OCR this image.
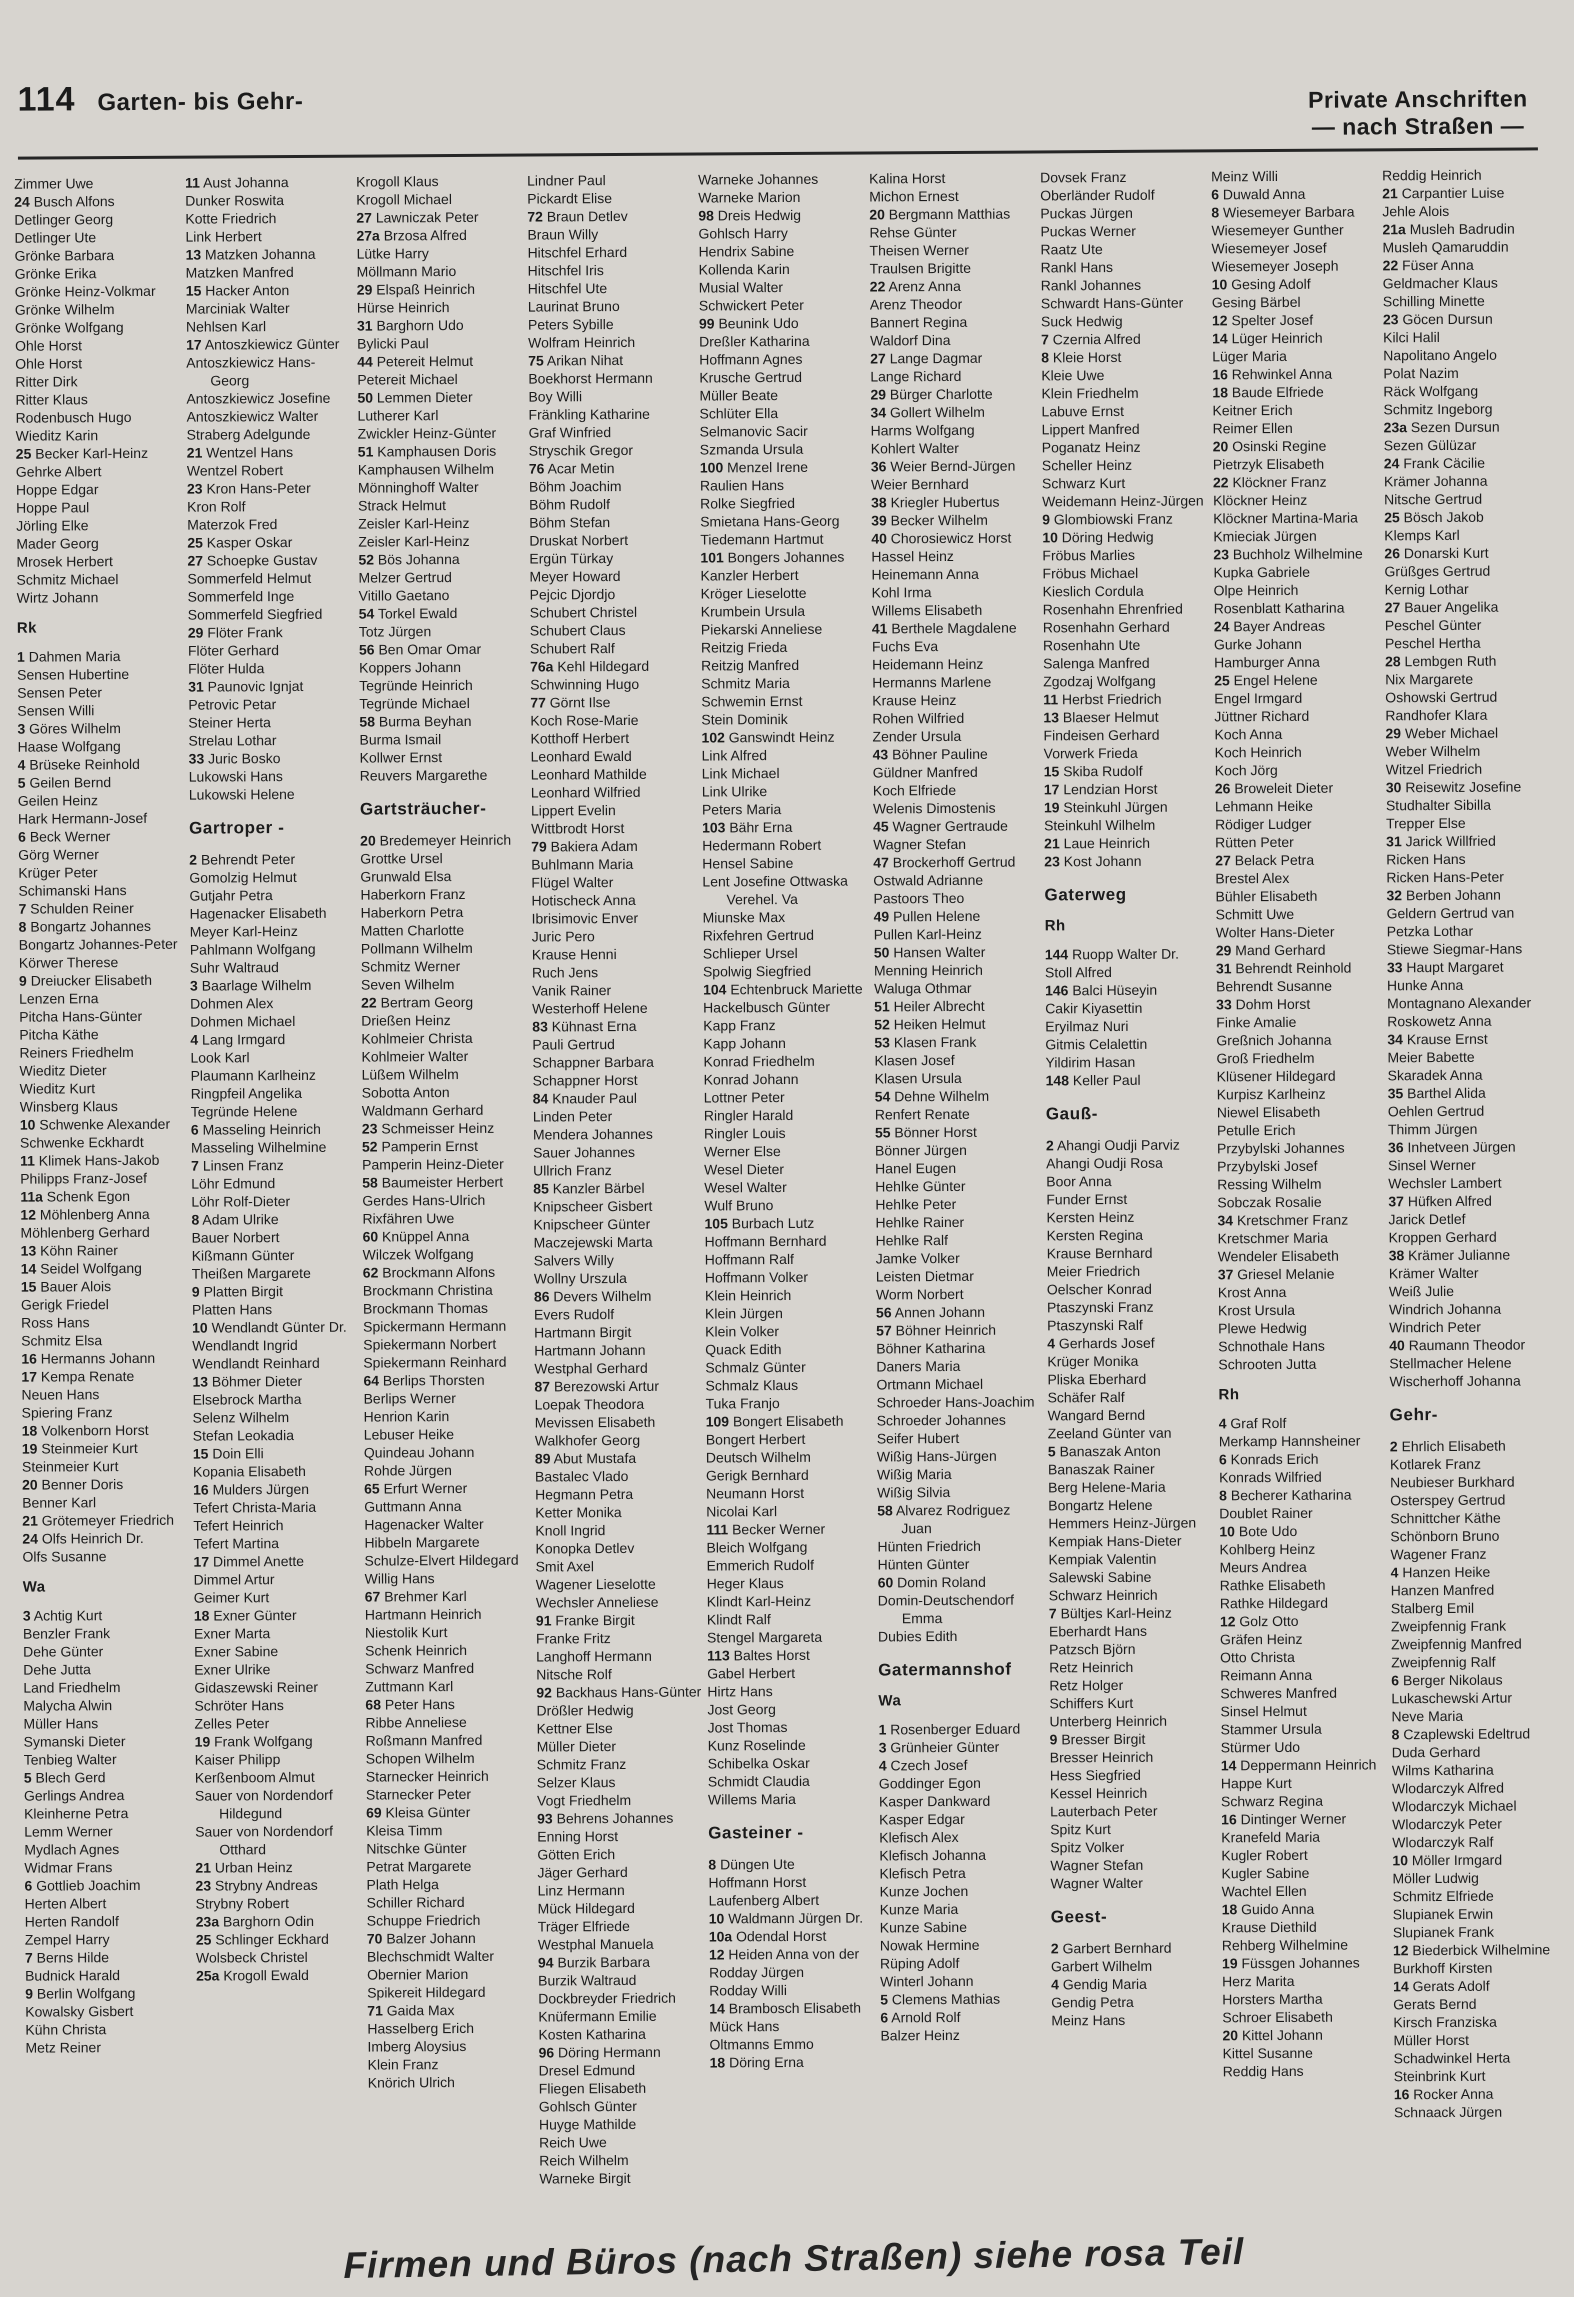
114 Garten- bis Gehr-	Private Anschriften
— nach Straßen —
Zimmer Uwe
24 Busch Alfons
Detlinger Georg
Detlinger Ute
Grönke Barbara
Grönke Erika
Grönke Heinz-Volkmar
Grönke Wilhelm
Grönke Wolfgang
Ohle Horst
Ohle Horst
Ritter Dirk
Ritter Klaus
Rodenbusch Hugo
Wieditz Karin
25 Becker Karl-Heinz
Gehrke Albert
Hoppe Edgar
Hoppe Paul
Jörling Elke
Mader Georg
Mrosek Herbert
Schmitz Michael
Wirtz Johann
Rk
1 Dahmen Maria
Sensen Hubertine
Sensen Peter
Sensen Willi
3 Göres Wilhelm
Haase Wolfgang
4 Brüseke Reinhold
5 Geilen Bernd
Geilen Heinz
Hark Hermann-Josef
6 Beck Werner
Görg Werner
Krüger Peter
Schimanski Hans
7 Schulden Reiner
8 Bongartz Johannes
Bongartz Johannes-Peter
Körwer Therese
9 Dreiucker Elisabeth
Lenzen Erna
Pitcha Hans-Günter
Pitcha Käthe
Reiners Friedhelm
Wieditz Dieter
Wieditz Kurt
Winsberg Klaus
10 Schwenke Alexander
Schwenke Eckhardt
11 Klimek Hans-Jakob
Philipps Franz-Josef
11a Schenk Egon
12 Möhlenberg Anna
Möhlenberg Gerhard
13 Köhn Rainer
14 Seidel Wolfgang
15 Bauer Alois
Gerigk Friedel
Ross Hans
Schmitz Elsa
16 Hermanns Johann
17 Kempa Renate
Neuen Hans
Spiering Franz
18 Volkenborn Horst
19 Steinmeier Kurt
Steinmeier Kurt
20 Benner Doris
Benner Karl
21 Grötemeyer Friedrich
24 Olfs Heinrich Dr.
Olfs Susanne
Wa
3 Achtig Kurt
Benzler Frank
Dehe Günter
Dehe Jutta
Land Friedhelm
Malycha Alwin
Müller Hans
Symanski Dieter
Tenbieg Walter
5 Blech Gerd
Gerlings Andrea
Kleinherne Petra
Lemm Werner
Mydlach Agnes
Widmar Frans
6 Gottlieb Joachim
Herten Albert
Herten Randolf
Zempel Harry
7 Berns Hilde
Budnick Harald
9 Berlin Wolfgang
Kowalsky Gisbert
Kühn Christa
Metz Reiner
11 Aust Johanna
Dunker Roswita
Kotte Friedrich
Link Herbert
13 Matzken Johanna
Matzken Manfred
15 Hacker Anton
Marciniak Walter
Nehlsen Karl
17 Antoszkiewicz Günter
Antoszkiewicz Hans-Georg
Antoszkiewicz Josefine
Antoszkiewicz Walter
Straberg Adelgunde
21 Wentzel Hans
Wentzel Robert
23 Kron Hans-Peter
Kron Rolf
Materzok Fred
25 Kasper Oskar
27 Schoepke Gustav
Sommerfeld Helmut
Sommerfeld Inge
Sommerfeld Siegfried
29 Flöter Frank
Flöter Gerhard
Flöter Hulda
31 Paunovic Ignjat
Petrovic Petar
Steiner Herta
Strelau Lothar
33 Juric Bosko
Lukowski Hans
Lukowski Helene
Gartroper -
2 Behrendt Peter
Gomolzig Helmut
Gutjahr Petra
Hagenacker Elisabeth
Meyer Karl-Heinz
Pahlmann Wolfgang
Suhr Waltraud
3 Baarlage Wilhelm
Dohmen Alex
Dohmen Michael
4 Lang Irmgard
Look Karl
Plaumann Karlheinz
Ringpfeil Angelika
Tegründe Helene
6 Masseling Heinrich
Masseling Wilhelmine
7 Linsen Franz
Löhr Edmund
Löhr Rolf-Dieter
8 Adam Ulrike
Bauer Norbert
Kißmann Günter
Theißen Margarete
9 Platten Birgit
Platten Hans
10 Wendlandt Günter Dr.
Wendlandt Ingrid
Wendlandt Reinhard
13 Böhmer Dieter
Elsebrock Martha
Selenz Wilhelm
Stefan Leokadia
15 Doin Elli
Kopania Elisabeth
16 Mulders Jürgen
Tefert Christa-Maria
Tefert Heinrich
Tefert Martina
17 Dimmel Anette
Dimmel Artur
Geimer Kurt
18 Exner Günter
Exner Marta
Exner Sabine
Exner Ulrike
Gidaszewski Reiner
Schröter Hans
Zelles Peter
19 Frank Wolfgang
Kaiser Philipp
Kerßenboom Almut
Sauer von Nordendorf Hildegund
Sauer von Nordendorf Otthard
21 Urban Heinz
23 Strybny Andreas
Strybny Robert
23a Barghorn Odin
25 Schlinger Eckhard
Wolsbeck Christel
25a Krogoll Ewald
Krogoll Klaus
Krogoll Michael
27 Lawniczak Peter
27a Brzosa Alfred
Lütke Harry
Möllmann Mario
29 Elspaß Heinrich
Hürse Heinrich
31 Barghorn Udo
Bylicki Paul
44 Petereit Helmut
Petereit Michael
50 Lemmen Dieter
Lutherer Karl
Zwickler Heinz-Günter
51 Kamphausen Doris
Kamphausen Wilhelm
Mönninghoff Walter
Strack Helmut
Zeisler Karl-Heinz
Zeisler Karl-Heinz
52 Bös Johanna
Melzer Gertrud
Vitillo Gaetano
54 Torkel Ewald
Totz Jürgen
56 Ben Omar Omar
Koppers Johann
Tegründe Heinrich
Tegründe Michael
58 Burma Beyhan
Burma Ismail
Kollwer Ernst
Reuvers Margarethe
Gartsträucher-
20 Bredemeyer Heinrich
Grottke Ursel
Grunwald Elsa
Haberkorn Franz
Haberkorn Petra
Matten Charlotte
Pollmann Wilhelm
Schmitz Werner
Seven Wilhelm
22 Bertram Georg
Drießen Heinz
Kohlmeier Christa
Kohlmeier Walter
Lüßem Wilhelm
Sobotta Anton
Waldmann Gerhard
23 Schmeisser Heinz
52 Pamperin Ernst
Pamperin Heinz-Dieter
58 Baumeister Herbert
Gerdes Hans-Ulrich
Rixfähren Uwe
60 Knüppel Anna
Wilczek Wolfgang
62 Brockmann Alfons
Brockmann Christina
Brockmann Thomas
Spickermann Hermann
Spiekermann Norbert
Spiekermann Reinhard
64 Berlips Thorsten
Berlips Werner
Henrion Karin
Lebuser Heike
Quindeau Johann
Rohde Jürgen
65 Erfurt Werner
Guttmann Anna
Hagenacker Walter
Hibbeln Margarete
Schulze-Elvert Hildegard
Willig Hans
67 Brehmer Karl
Hartmann Heinrich
Niestolik Kurt
Schenk Heinrich
Schwarz Manfred
Zuttmann Karl
68 Peter Hans
Ribbe Anneliese
Roßmann Manfred
Schopen Wilhelm
Starnecker Heinrich
Starnecker Peter
69 Kleisa Günter
Kleisa Timm
Nitschke Günter
Petrat Margarete
Plath Helga
Schiller Richard
Schuppe Friedrich
70 Balzer Johann
Blechschmidt Walter
Obernier Marion
Spikereit Hildegard
71 Gaida Max
Hasselberg Erich
Imberg Aloysius
Klein Franz
Knörich Ulrich
Lindner Paul
Pickardt Elise
72 Braun Detlev
Braun Willy
Hitschfel Erhard
Hitschfel Iris
Hitschfel Ute
Laurinat Bruno
Peters Sybille
Wolfram Heinrich
75 Arikan Nihat
Boekhorst Hermann
Boy Willi
Fränkling Katharine
Graf Winfried
Stryschik Gregor
76 Acar Metin
Böhm Joachim
Böhm Rudolf
Böhm Stefan
Druskat Norbert
Ergün Türkay
Meyer Howard
Pejcic Djordjo
Schubert Christel
Schubert Claus
Schubert Ralf
76a Kehl Hildegard
Schwinning Hugo
77 Görnt Ilse
Koch Rose-Marie
Kotthoff Herbert
Leonhard Ewald
Leonhard Mathilde
Leonhard Wilfried
Lippert Evelin
Wittbrodt Horst
79 Bakiera Adam
Buhlmann Maria
Flügel Walter
Hotischeck Anna
Ibrisimovic Enver
Juric Pero
Krause Henni
Ruch Jens
Vanik Rainer
Westerhoff Helene
83 Kühnast Erna
Pauli Gertrud
Schappner Barbara
Schappner Horst
84 Knauder Paul
Linden Peter
Mendera Johannes
Sauer Johannes
Ullrich Franz
85 Kanzler Bärbel
Knipscheer Gisbert
Knipscheer Günter
Maczejewski Marta
Salvers Willy
Wollny Urszula
86 Devers Wilhelm
Evers Rudolf
Hartmann Birgit
Hartmann Johann
Westphal Gerhard
87 Berezowski Artur
Loepak Theodora
Mevissen Elisabeth
Walkhofer Georg
89 Abut Mustafa
Bastalec Vlado
Hegmann Petra
Ketter Monika
Knoll Ingrid
Konopka Detlev
Smit Axel
Wagener Lieselotte
Wechsler Anneliese
91 Franke Birgit
Franke Fritz
Langhoff Hermann
Nitsche Rolf
92 Backhaus Hans-Günter
Drößler Hedwig
Kettner Else
Müller Dieter
Schmitz Franz
Selzer Klaus
Vogt Friedhelm
93 Behrens Johannes
Enning Horst
Götten Erich
Jäger Gerhard
Linz Hermann
Mück Hildegard
Träger Elfriede
Westphal Manuela
94 Burzik Barbara
Burzik Waltraud
Dockbreyder Friedrich
Knüfermann Emilie
Kosten Katharina
96 Döring Hermann
Dresel Edmund
Fliegen Elisabeth
Gohlsch Günter
Huyge Mathilde
Reich Uwe
Reich Wilhelm
Warneke Birgit
Warneke Johannes
Warneke Marion
98 Dreis Hedwig
Gohlsch Harry
Hendrix Sabine
Kollenda Karin
Musial Walter
Schwickert Peter
99 Beunink Udo
Dreßler Katharina
Hoffmann Agnes
Krusche Gertrud
Müller Beate
Schlüter Ella
Selmanovic Sacir
Szmanda Ursula
100 Menzel Irene
Raulien Hans
Rolke Siegfried
Smietana Hans-Georg
Tiedemann Hartmut
101 Bongers Johannes
Kanzler Herbert
Kröger Lieselotte
Krumbein Ursula
Piekarski Anneliese
Reitzig Frieda
Reitzig Manfred
Schmitz Maria
Schwemin Ernst
Stein Dominik
102 Ganswindt Heinz
Link Alfred
Link Michael
Link Ulrike
Peters Maria
103 Bähr Erna
Hedermann Robert
Hensel Sabine
Lent Josefine Ottwaska Verehel. Va
Miunske Max
Rixfehren Gertrud
Schlieper Ursel
Spolwig Siegfried
104 Echtenbruck Mariette
Hackelbusch Günter
Kapp Franz
Kapp Johann
Konrad Friedhelm
Konrad Johann
Lottner Peter
Ringler Harald
Ringler Louis
Werner Else
Wesel Dieter
Wesel Walter
Wulf Bruno
105 Burbach Lutz
Hoffmann Bernhard
Hoffmann Ralf
Hoffmann Volker
Klein Heinrich
Klein Jürgen
Klein Volker
Quack Edith
Schmalz Günter
Schmalz Klaus
Tuka Franjo
109 Bongert Elisabeth
Bongert Herbert
Deutsch Wilhelm
Gerigk Bernhard
Neumann Horst
Nicolai Karl
111 Becker Werner
Bleich Wolfgang
Emmerich Rudolf
Heger Klaus
Klindt Karl-Heinz
Klindt Ralf
Stengel Margareta
113 Baltes Horst
Gabel Herbert
Hirtz Hans
Jost Georg
Jost Thomas
Kunz Roselinde
Schibelka Oskar
Schmidt Claudia
Willems Maria
Gasteiner -
8 Düngen Ute
Hoffmann Horst
Laufenberg Albert
10 Waldmann Jürgen Dr.
10a Odendal Horst
12 Heiden Anna von der
Rodday Jürgen
Rodday Willi
14 Brambosch Elisabeth
Mück Hans
Oltmanns Emmo
18 Döring Erna
Kalina Horst
Michon Ernest
20 Bergmann Matthias
Rehse Günter
Theisen Werner
Traulsen Brigitte
22 Arenz Anna
Arenz Theodor
Bannert Regina
Waldorf Dina
27 Lange Dagmar
Lange Richard
29 Bürger Charlotte
34 Gollert Wilhelm
Harms Wolfgang
Kohlert Walter
36 Weier Bernd-Jürgen
Weier Bernhard
38 Kriegler Hubertus
39 Becker Wilhelm
40 Chorosiewicz Horst
Hassel Heinz
Heinemann Anna
Kohl Irma
Willems Elisabeth
41 Berthele Magdalene
Fuchs Eva
Heidemann Heinz
Hermanns Marlene
Krause Heinz
Rohen Wilfried
Zender Ursula
43 Böhner Pauline
Güldner Manfred
Koch Elfriede
Welenis Dimostenis
45 Wagner Gertraude
Wagner Stefan
47 Brockerhoff Gertrud
Ostwald Adrianne
Pastoors Theo
49 Pullen Helene
Pullen Karl-Heinz
50 Hansen Walter
Menning Heinrich
Waluga Othmar
51 Heiler Albrecht
52 Heiken Helmut
53 Klasen Frank
Klasen Josef
Klasen Ursula
54 Dehne Wilhelm
Renfert Renate
55 Bönner Horst
Bönner Jürgen
Hanel Eugen
Hehlke Günter
Hehlke Peter
Hehlke Rainer
Hehlke Ralf
Jamke Volker
Leisten Dietmar
Worm Norbert
56 Annen Johann
57 Böhner Heinrich
Böhner Katharina
Daners Maria
Ortmann Michael
Schroeder Hans-Joachim
Schroeder Johannes
Seifer Hubert
Wißig Hans-Jürgen
Wißig Maria
Wißig Silvia
58 Alvarez Rodriguez Juan
Hünten Friedrich
Hünten Günter
60 Domin Roland
Domin-Deutschendorf Emma
Dubies Edith
Gatermannshof
Wa
1 Rosenberger Eduard
3 Grünheier Günter
4 Czech Josef
Goddinger Egon
Kasper Dankward
Kasper Edgar
Klefisch Alex
Klefisch Johanna
Klefisch Petra
Kunze Jochen
Kunze Maria
Kunze Sabine
Nowak Hermine
Rüping Adolf
Winterl Johann
5 Clemens Mathias
6 Arnold Rolf
Balzer Heinz
Dovsek Franz
Oberländer Rudolf
Puckas Jürgen
Puckas Werner
Raatz Ute
Rankl Hans
Rankl Johannes
Schwardt Hans-Günter
Suck Hedwig
7 Czernia Alfred
8 Kleie Horst
Kleie Uwe
Klein Friedhelm
Labuve Ernst
Lippert Manfred
Poganatz Heinz
Scheller Heinz
Schwarz Kurt
Weidemann Heinz-Jürgen
9 Glombiowski Franz
10 Döring Hedwig
Fröbus Marlies
Fröbus Michael
Kieslich Cordula
Rosenhahn Ehrenfried
Rosenhahn Gerhard
Rosenhahn Ute
Salenga Manfred
Zgodzaj Wolfgang
11 Herbst Friedrich
13 Blaeser Helmut
Findeisen Gerhard
Vorwerk Frieda
15 Skiba Rudolf
17 Lendzian Horst
19 Steinkuhl Jürgen
Steinkuhl Wilhelm
21 Laue Heinrich
23 Kost Johann
Gaterweg
Rh
144 Ruopp Walter Dr.
Stoll Alfred
146 Balci Hüseyin
Cakir Kiyasettin
Eryilmaz Nuri
Gitmis Celalettin
Yildirim Hasan
148 Keller Paul
Gauß-
2 Ahangi Oudji Parviz
Ahangi Oudji Rosa
Boor Anna
Funder Ernst
Kersten Heinz
Kersten Regina
Krause Bernhard
Meier Friedrich
Oelscher Konrad
Ptaszynski Franz
Ptaszynski Ralf
4 Gerhards Josef
Krüger Monika
Pliska Eberhard
Schäfer Ralf
Wangard Bernd
Zeeland Günter van
5 Banaszak Anton
Banaszak Rainer
Berg Helene-Maria
Bongartz Helene
Hemmers Heinz-Jürgen
Kempiak Hans-Dieter
Kempiak Valentin
Salewski Sabine
Schwarz Heinrich
7 Bültjes Karl-Heinz
Eberhardt Hans
Patzsch Björn
Retz Heinrich
Retz Holger
Schiffers Kurt
Unterberg Heinrich
9 Bresser Birgit
Bresser Heinrich
Hess Siegfried
Kessel Heinrich
Lauterbach Peter
Spitz Kurt
Spitz Volker
Wagner Stefan
Wagner Walter
Geest-
2 Garbert Bernhard
Garbert Wilhelm
4 Gendig Maria
Gendig Petra
Meinz Hans
Meinz Willi
6 Duwald Anna
8 Wiesemeyer Barbara
Wiesemeyer Gunther
Wiesemeyer Josef
Wiesemeyer Joseph
10 Gesing Adolf
Gesing Bärbel
12 Spelter Josef
14 Lüger Heinrich
Lüger Maria
16 Rehwinkel Anna
18 Baude Elfriede
Keitner Erich
Reimer Ellen
20 Osinski Regine
Pietrzyk Elisabeth
22 Klöckner Franz
Klöckner Heinz
Klöckner Martina-Maria
Kmieciak Jürgen
23 Buchholz Wilhelmine
Kupka Gabriele
Olpe Heinrich
Rosenblatt Katharina
24 Bayer Andreas
Gurke Johann
Hamburger Anna
25 Engel Helene
Engel Irmgard
Jüttner Richard
Koch Anna
Koch Heinrich
Koch Jörg
26 Broweleit Dieter
Lehmann Heike
Rödiger Ludger
Rütten Peter
27 Belack Petra
Brestel Alex
Bühler Elisabeth
Schmitt Uwe
Wolter Hans-Dieter
29 Mand Gerhard
31 Behrendt Reinhold
Behrendt Susanne
33 Dohm Horst
Finke Amalie
Greßnich Johanna
Groß Friedhelm
Klüsener Hildegard
Kurpisz Karlheinz
Niewel Elisabeth
Petulle Erich
Przybylski Johannes
Przybylski Josef
Ressing Wilhelm
Sobczak Rosalie
34 Kretschmer Franz
Kretschmer Maria
Wendeler Elisabeth
37 Griesel Melanie
Krost Anna
Krost Ursula
Plewe Hedwig
Schnothale Hans
Schrooten Jutta
Rh
4 Graf Rolf
Merkamp Hannsheiner
6 Konrads Erich
Konrads Wilfried
8 Becherer Katharina
Doublet Rainer
10 Bote Udo
Kohlberg Heinz
Meurs Andrea
Rathke Elisabeth
Rathke Hildegard
12 Golz Otto
Gräfen Heinz
Otto Christa
Reimann Anna
Schweres Manfred
Sinsel Helmut
Stammer Ursula
Stürmer Udo
14 Deppermann Heinrich
Happe Kurt
Schwarz Regina
16 Dintinger Werner
Kranefeld Maria
Kugler Robert
Kugler Sabine
Wachtel Ellen
18 Guido Anna
Krause Diethild
Rehberg Wilhelmine
19 Füssgen Johannes
Herz Marita
Horsters Martha
Schroer Elisabeth
20 Kittel Johann
Kittel Susanne
Reddig Hans
Reddig Heinrich
21 Carpantier Luise
Jehle Alois
21a Musleh Badrudin
Musleh Qamaruddin
22 Füser Anna
Geldmacher Klaus
Schilling Minette
23 Göcen Dursun
Kilci Halil
Napolitano Angelo
Polat Nazim
Räck Wolfgang
Schmitz Ingeborg
23a Sezen Dursun
Sezen Gülüzar
24 Frank Cäcilie
Krämer Johanna
Nitsche Gertrud
25 Bösch Jakob
Klemps Karl
26 Donarski Kurt
Grüßges Gertrud
Kernig Lothar
27 Bauer Angelika
Peschel Günter
Peschel Hertha
28 Lembgen Ruth
Nix Margarete
Oshowski Gertrud
Randhofer Klara
29 Weber Michael
Weber Wilhelm
Witzel Friedrich
30 Reisewitz Josefine
Studhalter Sibilla
Trepper Else
31 Jarick Willfried
Ricken Hans
Ricken Hans-Peter
32 Berben Johann
Geldern Gertrud van
Petzka Lothar
Stiewe Siegmar-Hans
33 Haupt Margaret
Hunke Anna
Montagnano Alexander
Roskowetz Anna
34 Krause Ernst
Meier Babette
Skaradek Anna
35 Barthel Alida
Oehlen Gertrud
Thimm Jürgen
36 Inhetveen Jürgen
Sinsel Werner
Wechsler Lambert
37 Hüfken Alfred
Jarick Detlef
Kroppen Gerhard
38 Krämer Julianne
Krämer Walter
Weiß Julie
Windrich Johanna
Windrich Peter
40 Raumann Theodor
Stellmacher Helene
Wischerhoff Johanna
Gehr-
2 Ehrlich Elisabeth
Kotlarek Franz
Neubieser Burkhard
Osterspey Gertrud
Schnittcher Käthe
Schönborn Bruno
Wagener Franz
4 Hanzen Heike
Hanzen Manfred
Stalberg Emil
Zweipfennig Frank
Zweipfennig Manfred
Zweipfennig Ralf
6 Berger Nikolaus
Lukaschewski Artur
Neve Maria
8 Czaplewski Edeltrud
Duda Gerhard
Wilms Katharina
Wlodarczyk Alfred
Wlodarczyk Michael
Wlodarczyk Peter
Wlodarczyk Ralf
10 Möller Irmgard
Möller Ludwig
Schmitz Elfriede
Slupianek Erwin
Slupianek Frank
12 Biederbick Wilhelmine
Burkhoff Kirsten
14 Gerats Adolf
Gerats Bernd
Kirsch Franziska
Müller Horst
Schadwinkel Herta
Steinbrink Kurt
16 Rocker Anna
Schnaack Jürgen
Firmen und Büros (nach Straßen) siehe rosa Teil
